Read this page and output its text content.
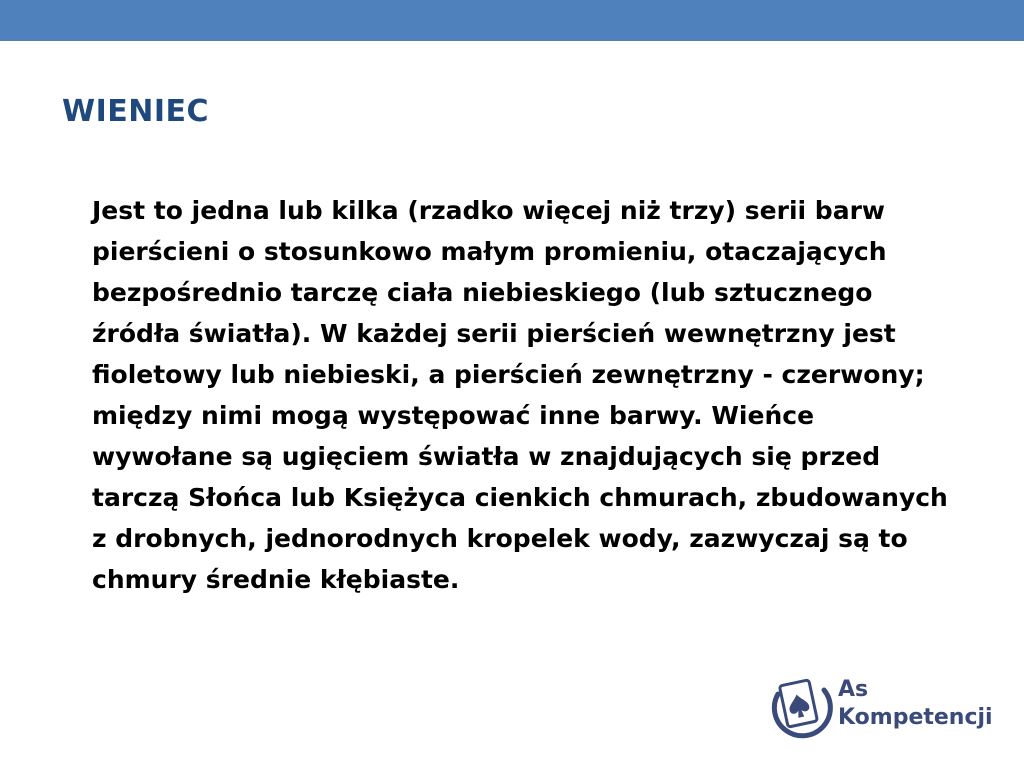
WIENIEC

Jest to jedna lub kilka (rzadko więcej niż trzy) serii barw pierścieni o stosunkowo małym promieniu, otaczających bezpośrednio tarczę ciała niebieskiego (lub sztucznego źródła światła). W każdej serii pierścień wewnętrzny jest fioletowy lub niebieski, a pierścień zewnętrzny - czerwony; między nimi mogą występować inne barwy. Wieńce wywołane są ugięciem światła w znajdujących się przed tarczą Słońca lub Księżyca cienkich chmurach, zbudowanych z drobnych, jednorodnych kropelek wody, zazwyczaj są to chmury średnie kłębiaste.

As
Kompetencji
